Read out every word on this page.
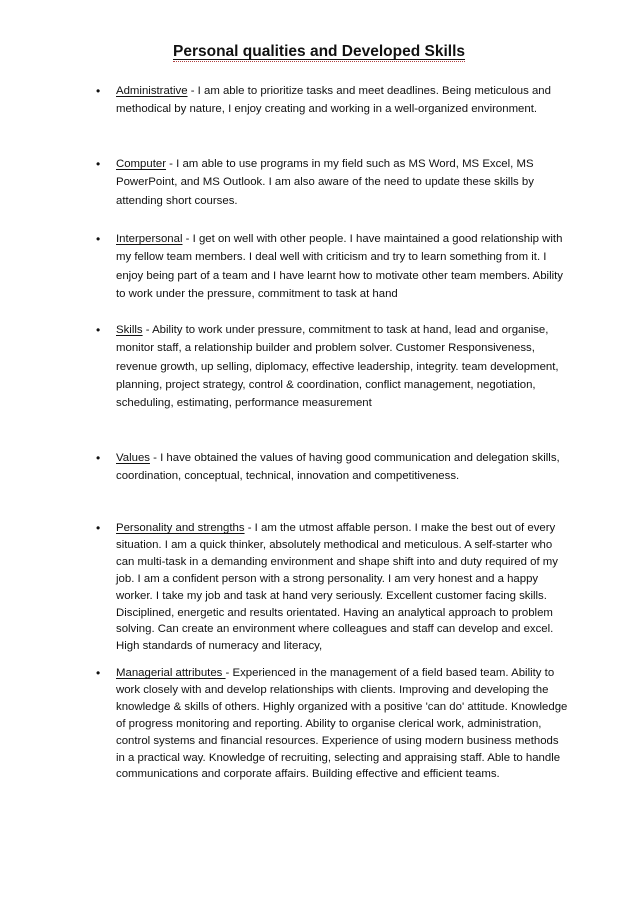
Personal qualities and Developed Skills
• Administrative - I am able to prioritize tasks and meet deadlines. Being meticulous and methodical by nature, I enjoy creating and working in a well-organized environment.
• Computer - I am able to use programs in my field such as MS Word, MS Excel, MS PowerPoint, and MS Outlook. I am also aware of the need to update these skills by attending short courses.
• Interpersonal - I get on well with other people. I have maintained a good relationship with my fellow team members. I deal well with criticism and try to learn something from it. I enjoy being part of a team and I have learnt how to motivate other team members. Ability to work under the pressure, commitment to task at hand
• Skills - Ability to work under pressure, commitment to task at hand, lead and organise, monitor staff, a relationship builder and problem solver. Customer Responsiveness, revenue growth, up selling, diplomacy, effective leadership, integrity. team development, planning, project strategy, control & coordination, conflict management, negotiation, scheduling, estimating, performance measurement
• Values - I have obtained the values of having good communication and delegation skills, coordination, conceptual, technical, innovation and competitiveness.
• Personality and strengths - I am the utmost affable person. I make the best out of every situation. I am a quick thinker, absolutely methodical and meticulous. A self-starter who can multi-task in a demanding environment and shape shift into and duty required of my job. I am a confident person with a strong personality. I am very honest and a happy worker. I take my job and task at hand very seriously. Excellent customer facing skills. Disciplined, energetic and results orientated. Having an analytical approach to problem solving. Can create an environment where colleagues and staff can develop and excel. High standards of numeracy and literacy,
• Managerial attributes - Experienced in the management of a field based team. Ability to work closely with and develop relationships with clients. Improving and developing the knowledge & skills of others. Highly organized with a positive 'can do' attitude. Knowledge of progress monitoring and reporting. Ability to organise clerical work, administration, control systems and financial resources. Experience of using modern business methods in a practical way. Knowledge of recruiting, selecting and appraising staff. Able to handle communications and corporate affairs. Building effective and efficient teams.
